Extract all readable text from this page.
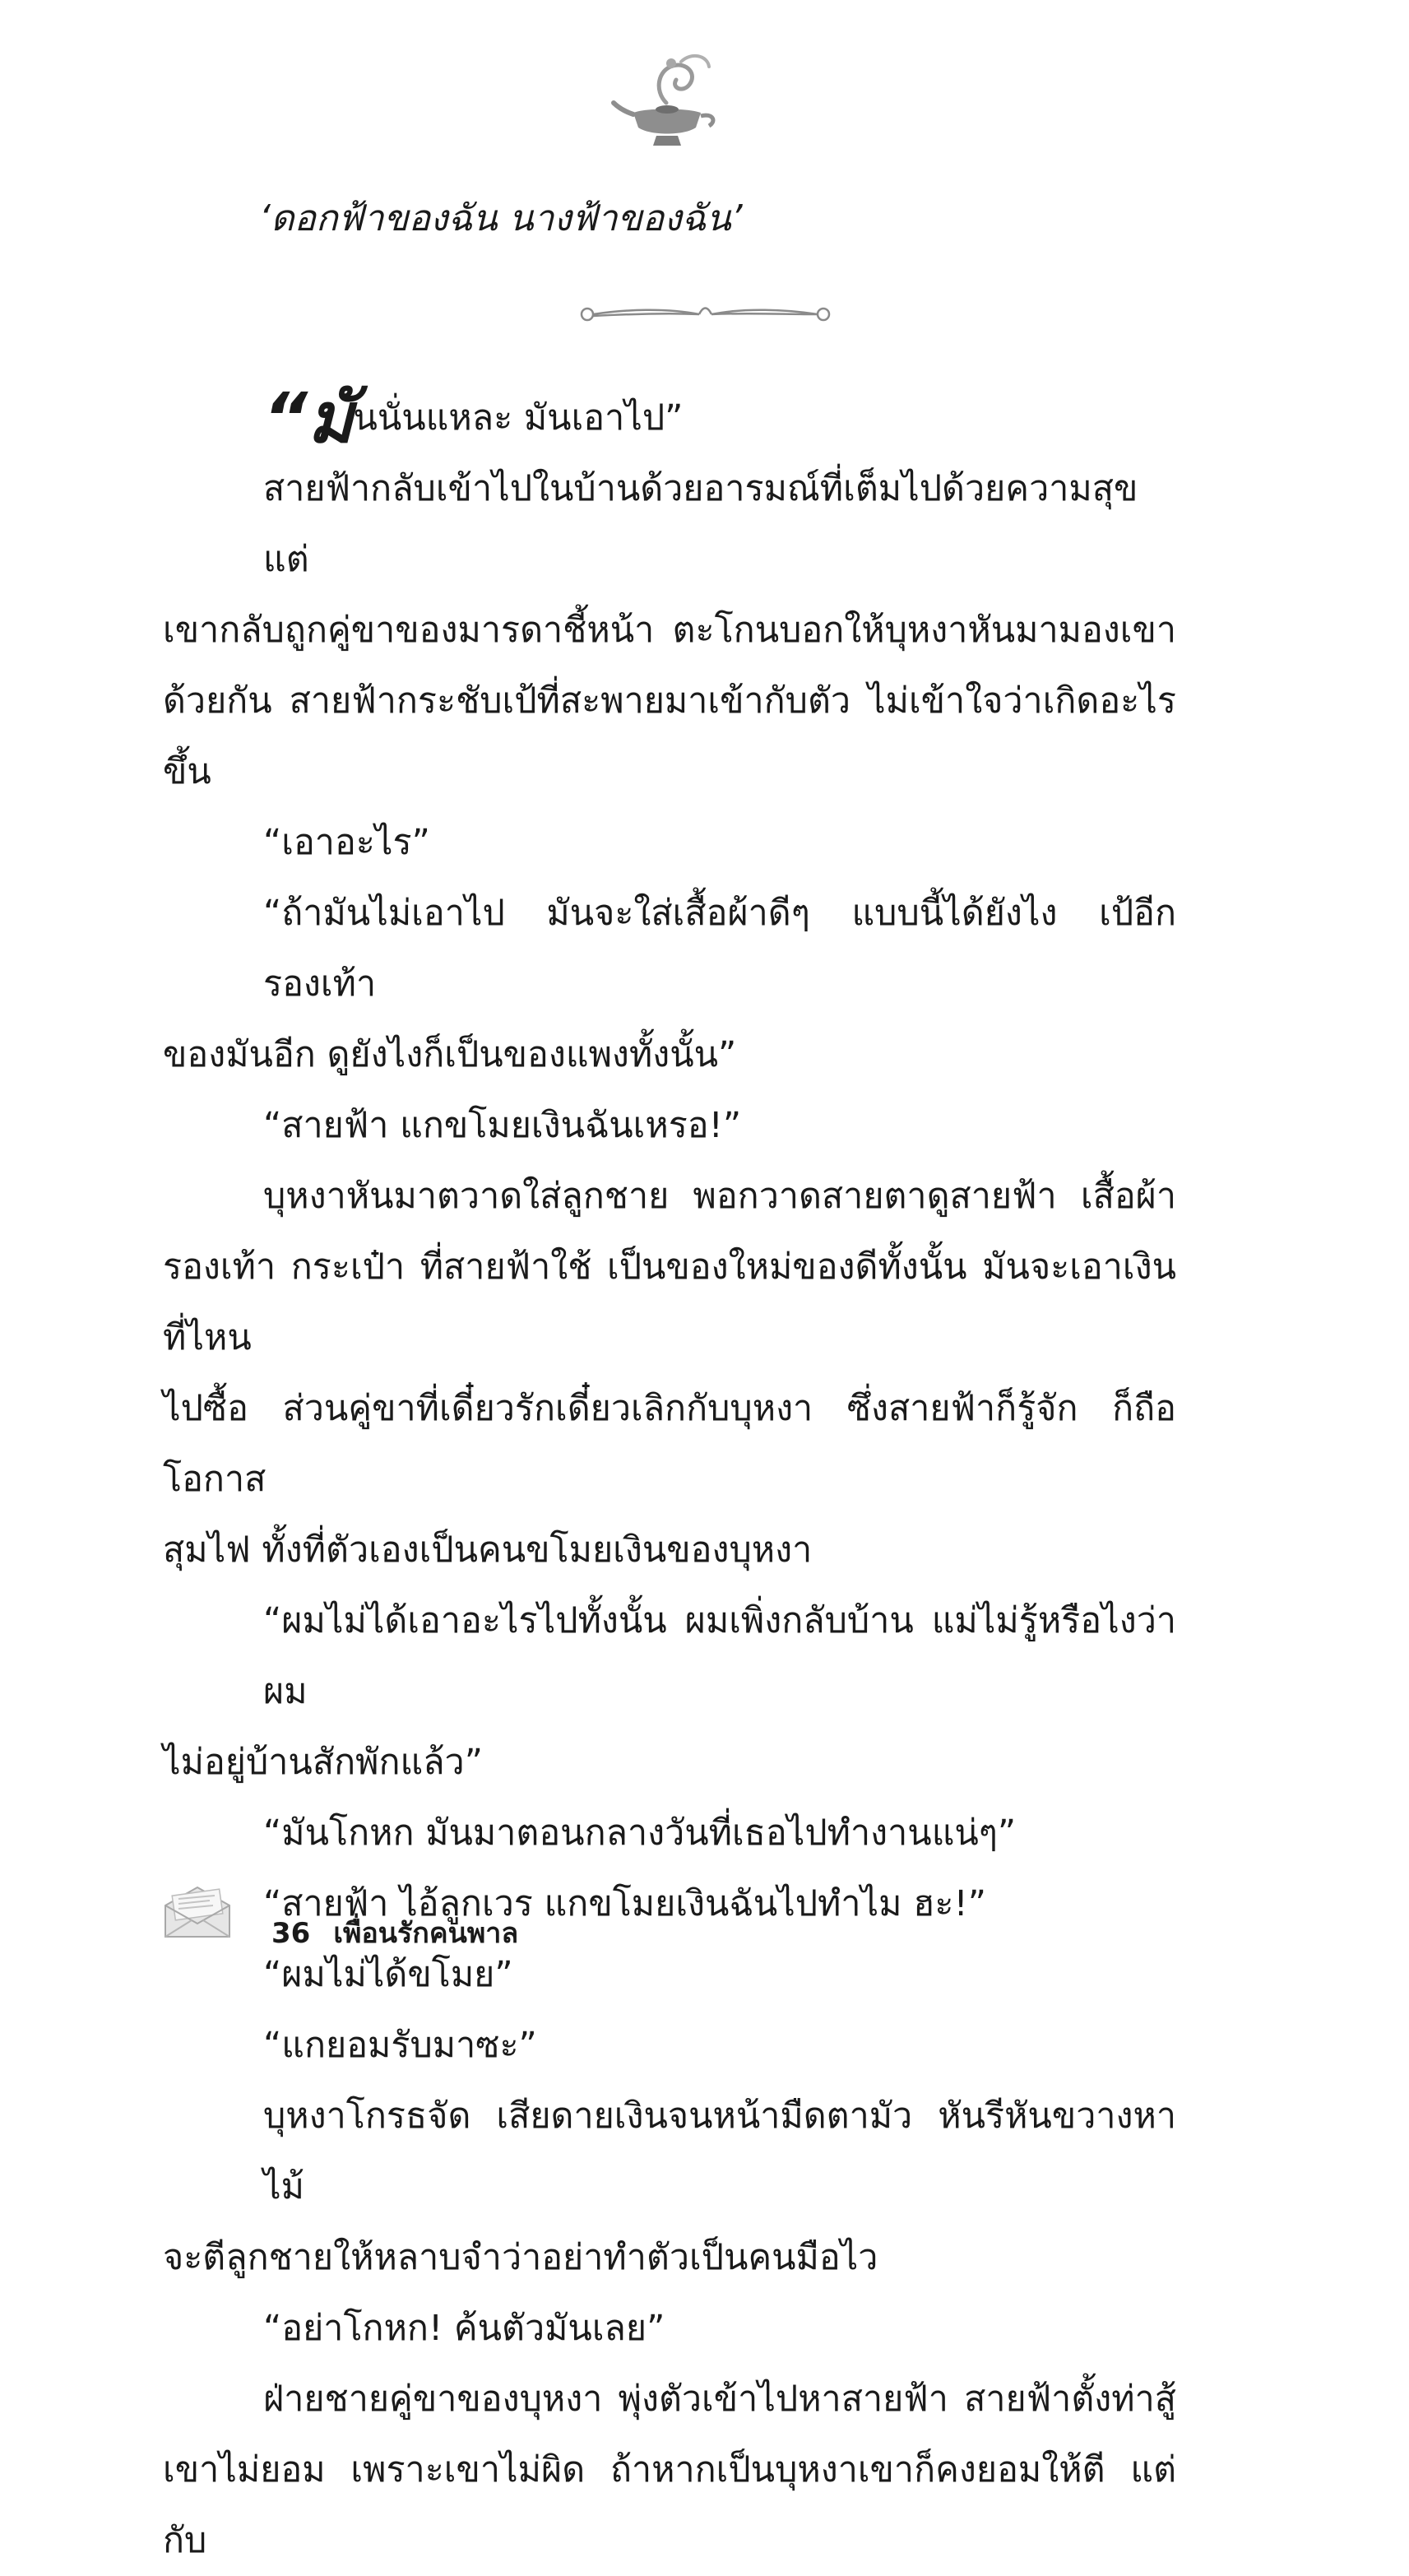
‘ดอกฟ้าของฉัน นางฟ้าของฉัน’

“มันนั่นแหละ มันเอาไป”

สายฟ้ากลับเข้าไปในบ้านด้วยอารมณ์ที่เต็มไปด้วยความสุข แต่

เขากลับถูกคู่ขาของมารดาชี้หน้า ตะโกนบอกให้บุหงาหันมามองเขา

ด้วยกัน สายฟ้ากระชับเป้ที่สะพายมาเข้ากับตัว ไม่เข้าใจว่าเกิดอะไรขึ้น

“เอาอะไร”

“ถ้ามันไม่เอาไป มันจะใส่เสื้อผ้าดีๆ แบบนี้ได้ยังไง เป้อีก รองเท้า

ของมันอีก ดูยังไงก็เป็นของแพงทั้งนั้น”

“สายฟ้า แกขโมยเงินฉันเหรอ!”

บุหงาหันมาตวาดใส่ลูกชาย พอกวาดสายตาดูสายฟ้า เสื้อผ้า

รองเท้า กระเป๋า ที่สายฟ้าใช้ เป็นของใหม่ของดีทั้งนั้น มันจะเอาเงินที่ไหน

ไปซื้อ ส่วนคู่ขาที่เดี๋ยวรักเดี๋ยวเลิกกับบุหงา ซึ่งสายฟ้าก็รู้จัก ก็ถือโอกาส

สุมไฟ ทั้งที่ตัวเองเป็นคนขโมยเงินของบุหงา

“ผมไม่ได้เอาอะไรไปทั้งนั้น ผมเพิ่งกลับบ้าน แม่ไม่รู้หรือไงว่าผม

ไม่อยู่บ้านสักพักแล้ว”

“มันโกหก มันมาตอนกลางวันที่เธอไปทำงานแน่ๆ”

“สายฟ้า ไอ้ลูกเวร แกขโมยเงินฉันไปทำไม ฮะ!”

“ผมไม่ได้ขโมย”

“แกยอมรับมาซะ”

บุหงาโกรธจัด เสียดายเงินจนหน้ามืดตามัว หันรีหันขวางหาไม้

จะตีลูกชายให้หลาบจำว่าอย่าทำตัวเป็นคนมือไว

“อย่าโกหก! ค้นตัวมันเลย”

ฝ่ายชายคู่ขาของบุหงา พุ่งตัวเข้าไปหาสายฟ้า สายฟ้าตั้งท่าสู้

เขาไม่ยอม เพราะเขาไม่ผิด ถ้าหากเป็นบุหงาเขาก็คงยอมให้ตี แต่กับ

36 เพื่อนรักคนพาล
